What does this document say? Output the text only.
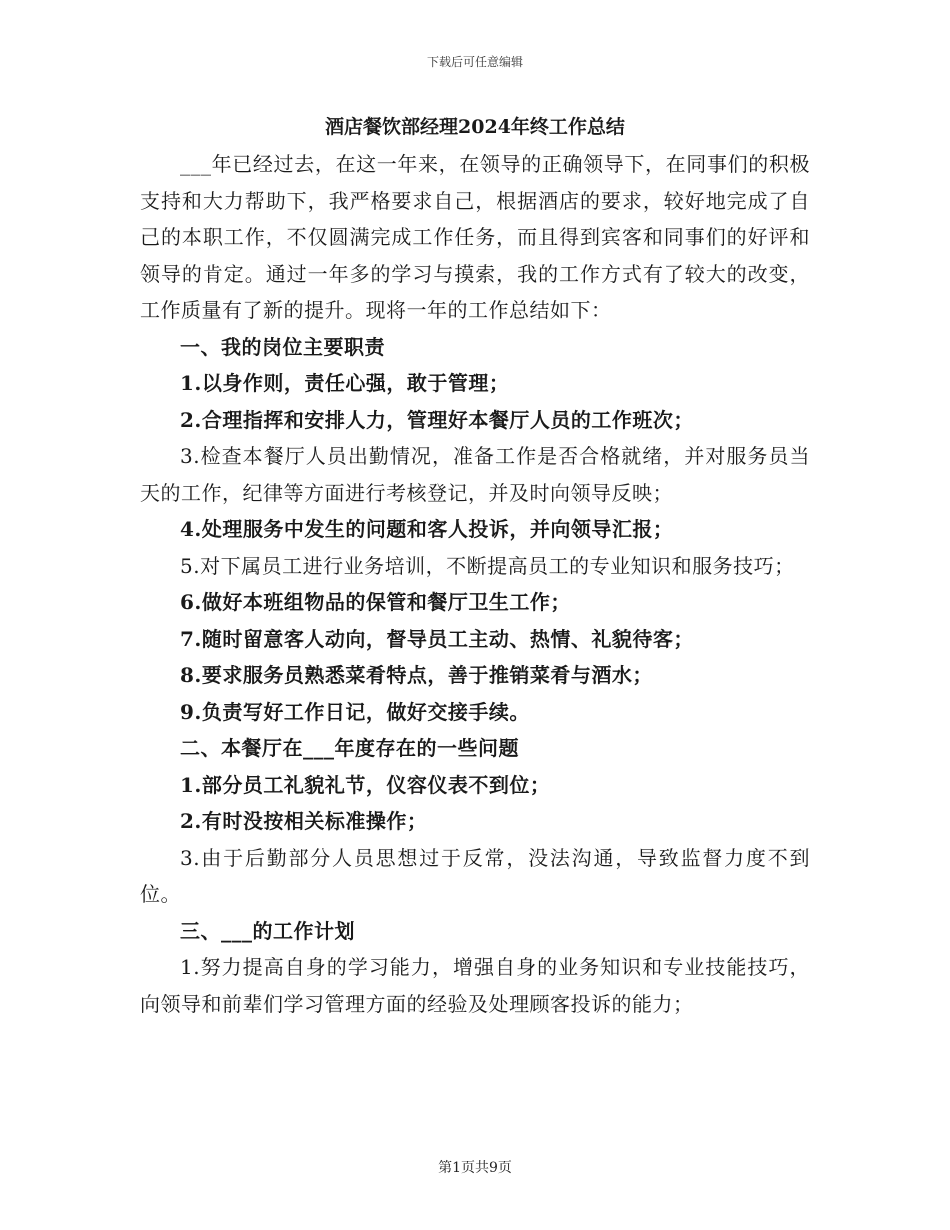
下载后可任意编辑
酒店餐饮部经理2024年终工作总结

___年已经过去，在这一年来，在领导的正确领导下，在同事们的积极支持和大力帮助下，我严格要求自己，根据酒店的要求，较好地完成了自己的本职工作，不仅圆满完成工作任务，而且得到宾客和同事们的好评和领导的肯定。通过一年多的学习与摸索，我的工作方式有了较大的改变，工作质量有了新的提升。现将一年的工作总结如下：

一、我的岗位主要职责

1.以身作则，责任心强，敢于管理；

2.合理指挥和安排人力，管理好本餐厅人员的工作班次；

3.检查本餐厅人员出勤情况，准备工作是否合格就绪，并对服务员当天的工作，纪律等方面进行考核登记，并及时向领导反映；

4.处理服务中发生的问题和客人投诉，并向领导汇报；

5.对下属员工进行业务培训，不断提高员工的专业知识和服务技巧；

6.做好本班组物品的保管和餐厅卫生工作；

7.随时留意客人动向，督导员工主动、热情、礼貌待客；

8.要求服务员熟悉菜肴特点，善于推销菜肴与酒水；

9.负责写好工作日记，做好交接手续。

二、本餐厅在___年度存在的一些问题

1.部分员工礼貌礼节，仪容仪表不到位；

2.有时没按相关标准操作；

3.由于后勤部分人员思想过于反常，没法沟通，导致监督力度不到位。

三、___的工作计划

1.努力提高自身的学习能力，增强自身的业务知识和专业技能技巧，向领导和前辈们学习管理方面的经验及处理顾客投诉的能力；

第1页共9页
